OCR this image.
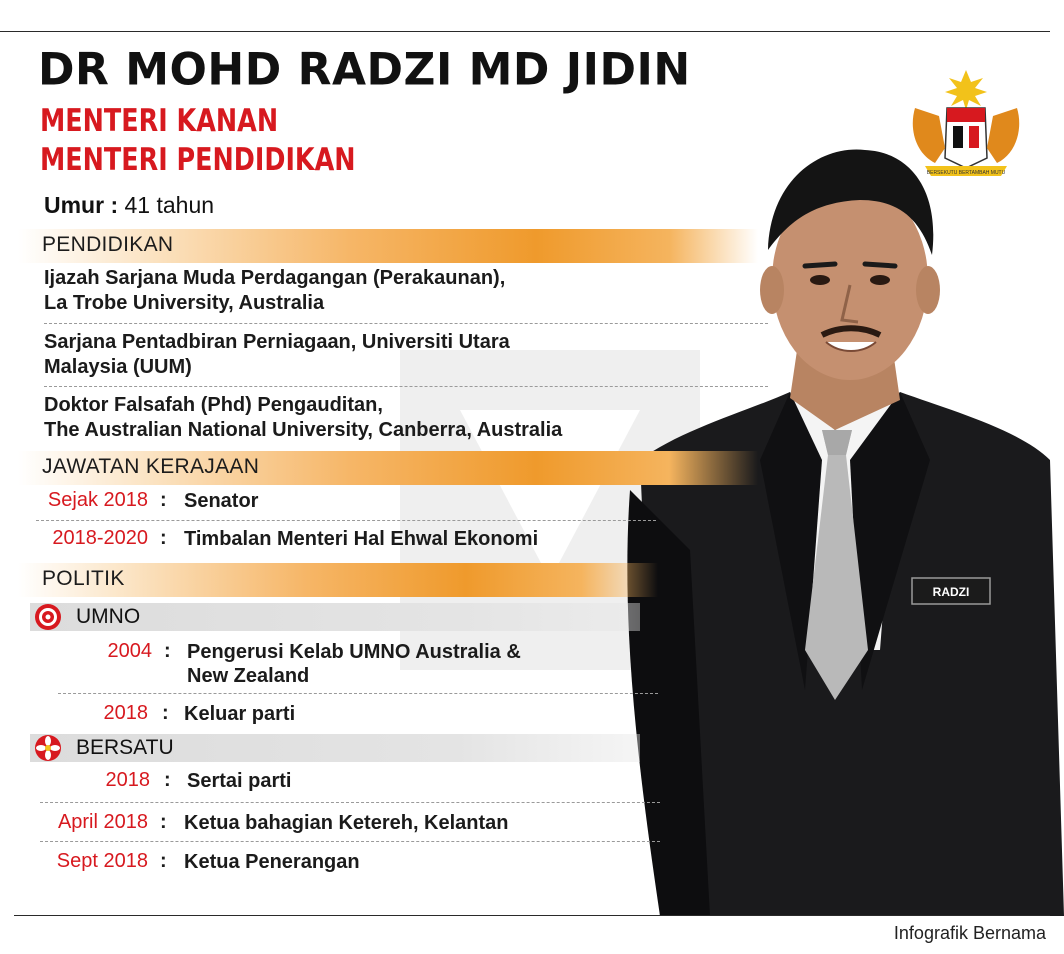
RADZI
BERSEKUTU BERTAMBAH MUTU
DR MOHD RADZI MD JIDIN
MENTERI KANAN
MENTERI PENDIDIKAN
Umur : 41 tahun
PENDIDIKAN
Ijazah Sarjana Muda Perdagangan (Perakaunan),
La Trobe University, Australia
Sarjana Pentadbiran Perniagaan, Universiti Utara
Malaysia (UUM)
Doktor Falsafah (Phd) Pengauditan,
The Australian National University, Canberra, Australia
JAWATAN KERAJAAN
Sejak 2018 : Senator
2018-2020 : Timbalan Menteri Hal Ehwal Ekonomi
POLITIK
UMNO
2004 : Pengerusi Kelab UMNO Australia &
New Zealand
2018 : Keluar parti
BERSATU
2018 : Sertai parti
April 2018 : Ketua bahagian Ketereh, Kelantan
Sept 2018 : Ketua Penerangan
Infografik Bernama
